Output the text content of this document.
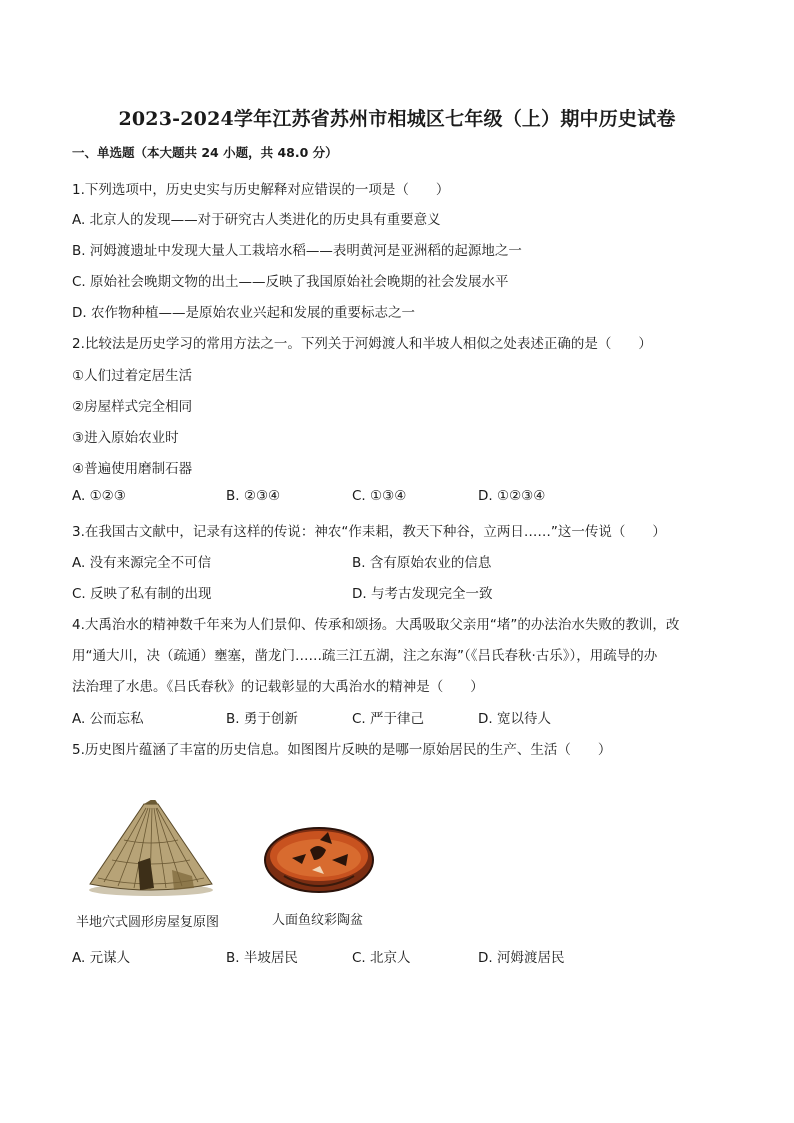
2023-2024学年江苏省苏州市相城区七年级（上）期中历史试卷
一、单选题（本大题共 24 小题，共 48.0 分）
1.下列选项中，历史史实与历史解释对应错误的一项是（　　）
A. 北京人的发现——对于研究古人类进化的历史具有重要意义
B. 河姆渡遗址中发现大量人工栽培水稻——表明黄河是亚洲稻的起源地之一
C. 原始社会晚期文物的出土——反映了我国原始社会晚期的社会发展水平
D. 农作物种植——是原始农业兴起和发展的重要标志之一
2.比较法是历史学习的常用方法之一。下列关于河姆渡人和半坡人相似之处表述正确的是（　　）
①人们过着定居生活
②房屋样式完全相同
③进入原始农业时
④普遍使用磨制石器
A. ①②③	B. ②③④	C. ①③④	D. ①②③④
3.在我国古文献中，记录有这样的传说：神农“作耒耜，教天下种谷，立两日……”这一传说（　　）
A. 没有来源完全不可信	B. 含有原始农业的信息
C. 反映了私有制的出现	D. 与考古发现完全一致
4.大禹治水的精神数千年来为人们景仰、传承和颂扬。大禹吸取父亲用“堵”的办法治水失败的教训，改
用“通大川，决（疏通）壅塞，凿龙门……疏三江五湖，注之东海”（《吕氏春秋·古乐》），用疏导的办
法治理了水患。《吕氏春秋》的记载彰显的大禹治水的精神是（　　）
A. 公而忘私	B. 勇于创新	C. 严于律己	D. 宽以待人
5.历史图片蕴涵了丰富的历史信息。如图图片反映的是哪一原始居民的生产、生活（　　）
半地穴式圆形房屋复原图	人面鱼纹彩陶盆
A. 元谋人	B. 半坡居民	C. 北京人	D. 河姆渡居民
